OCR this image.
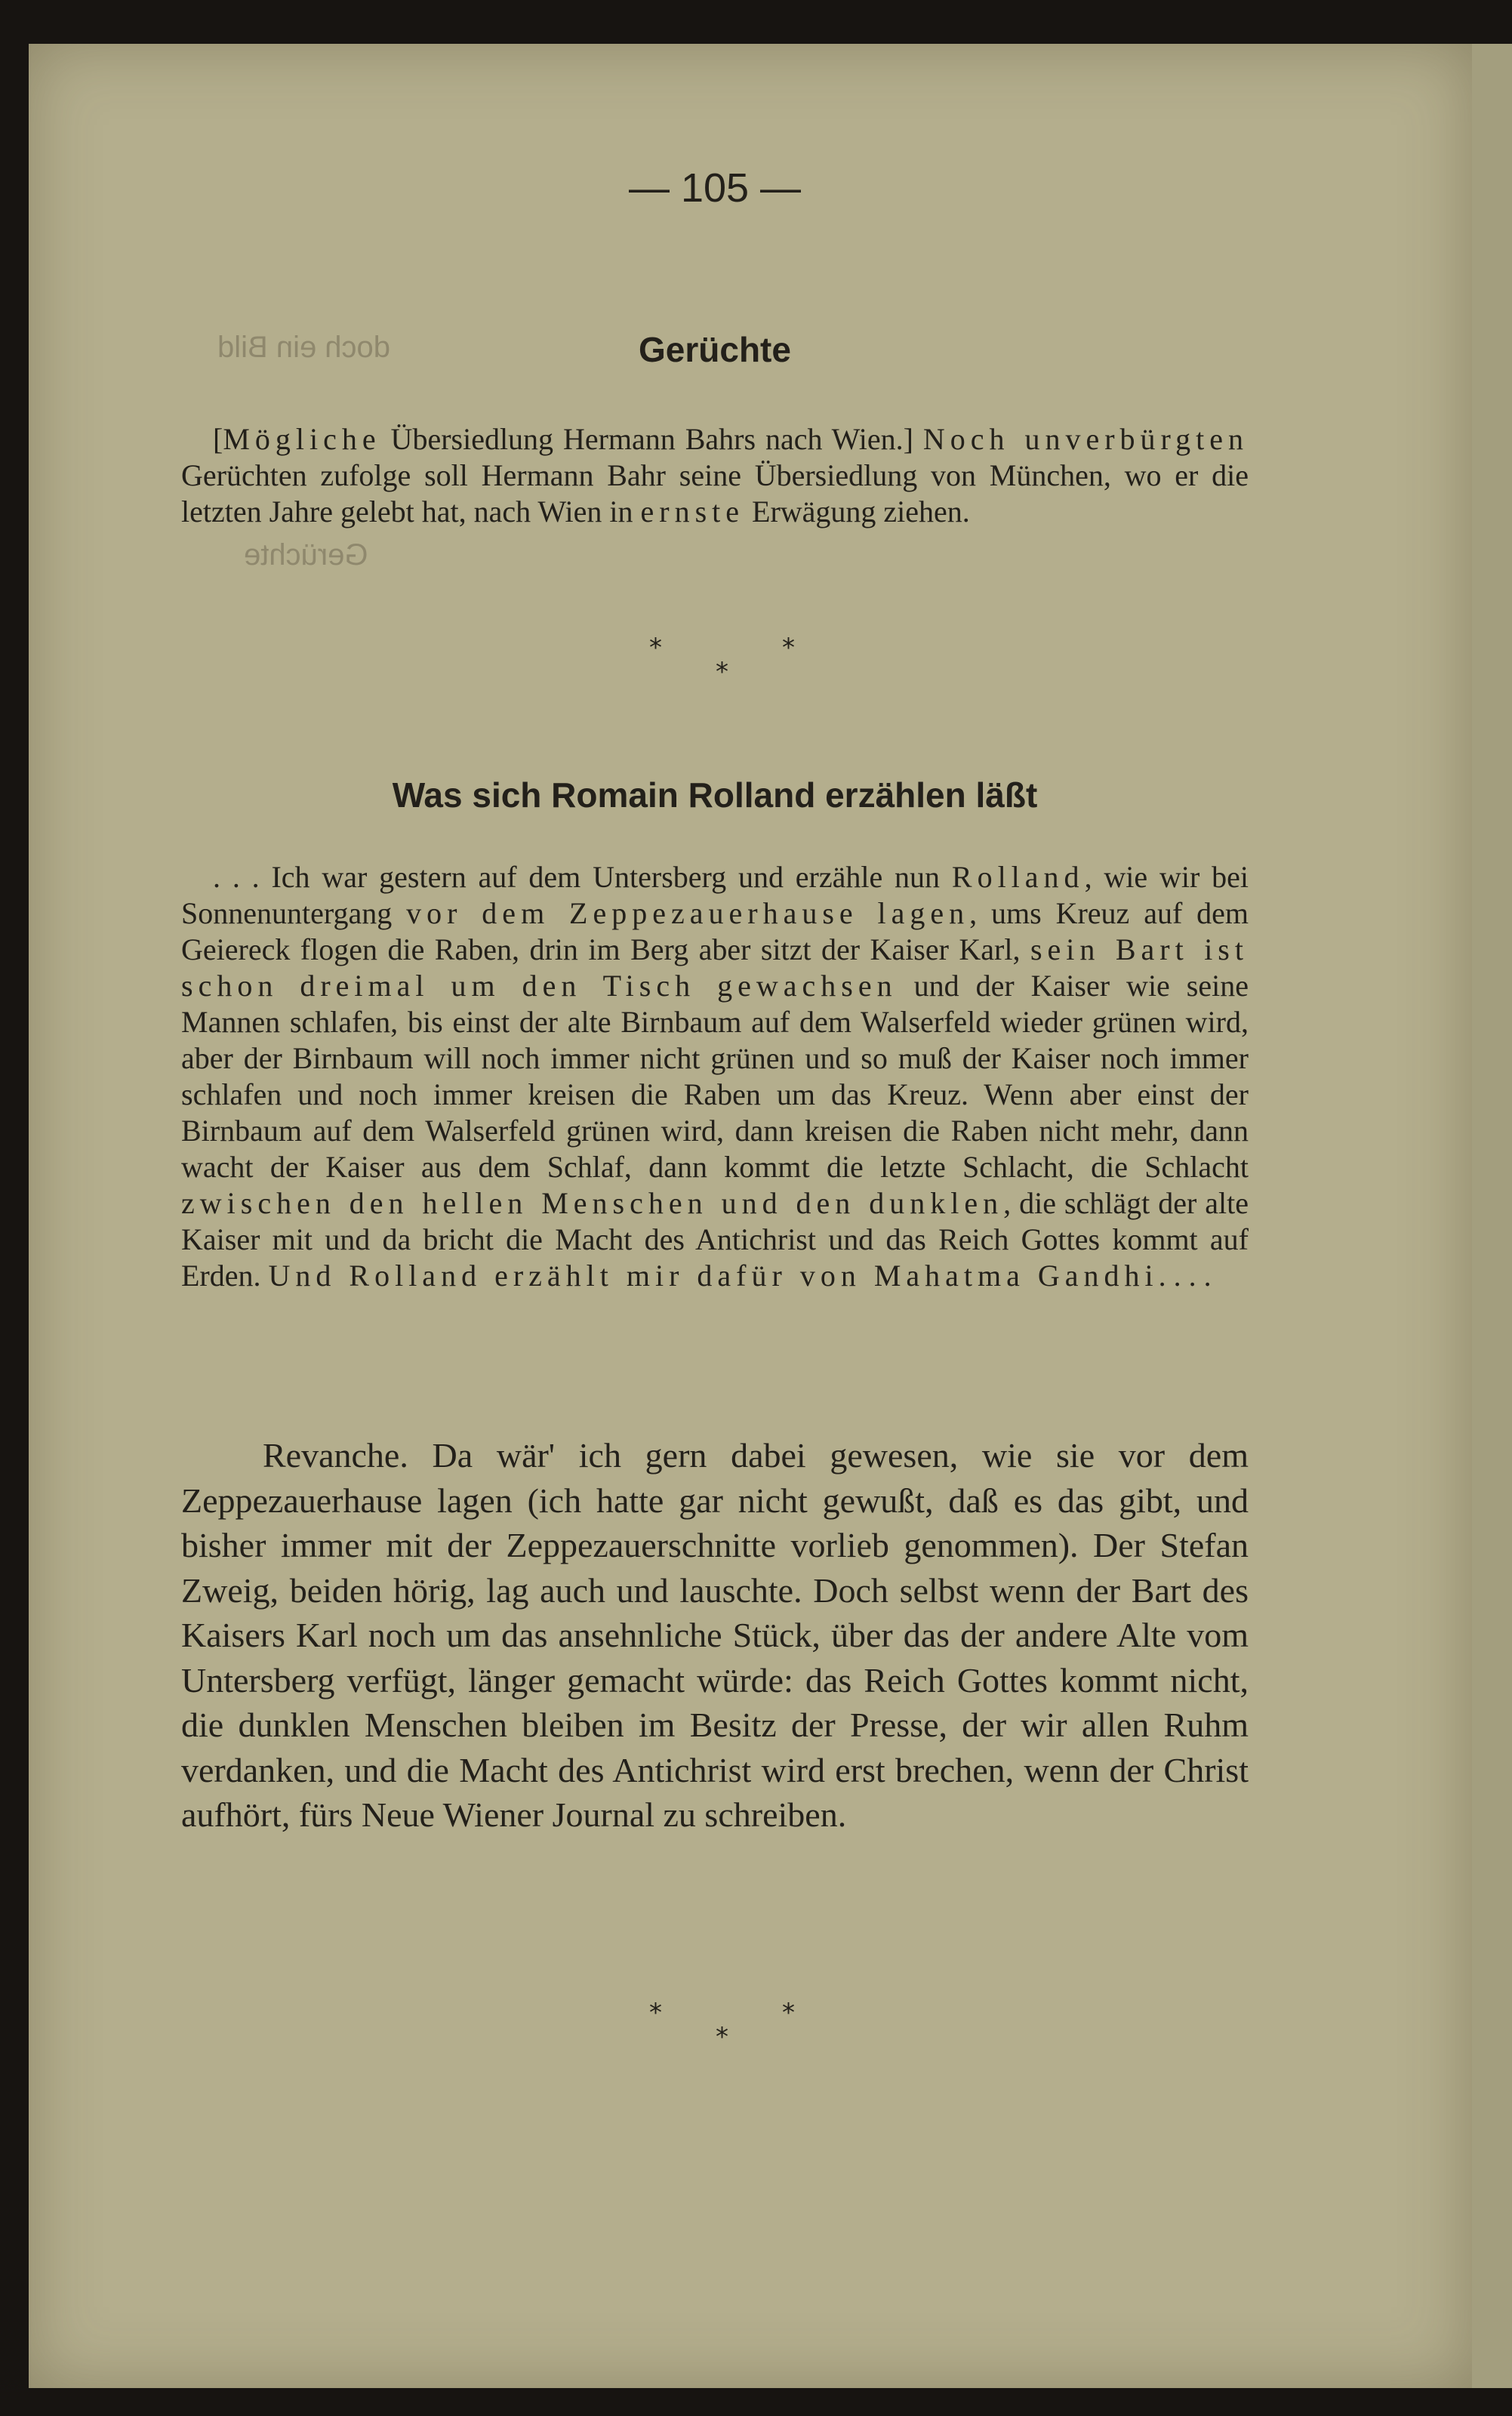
doch ein Bild
Gerüchte
— 105 —
Gerüchte

[Mögliche Übersiedlung Hermann Bahrs nach Wien.] Noch unverbürgten Gerüchten zufolge soll Hermann Bahr seine Übersiedlung von München, wo er die letzten Jahre gelebt hat, nach Wien in ernste Erwägung ziehen.

*	*
*
Was sich Romain Rolland erzählen läßt

. . . Ich war gestern auf dem Untersberg und erzähle nun Rolland, wie wir bei Sonnenuntergang vor dem Zeppezauerhause lagen, ums Kreuz auf dem Geiereck flogen die Raben, drin im Berg aber sitzt der Kaiser Karl, sein Bart ist schon dreimal um den Tisch gewachsen und der Kaiser wie seine Mannen schlafen, bis einst der alte Birnbaum auf dem Walserfeld wieder grünen wird, aber der Birnbaum will noch immer nicht grünen und so muß der Kaiser noch immer schlafen und noch immer kreisen die Raben um das Kreuz. Wenn aber einst der Birnbaum auf dem Walserfeld grünen wird, dann kreisen die Raben nicht mehr, dann wacht der Kaiser aus dem Schlaf, dann kommt die letzte Schlacht, die Schlacht zwischen den hellen Menschen und den dunklen, die schlägt der alte Kaiser mit und da bricht die Macht des Antichrist und das Reich Gottes kommt auf Erden. Und Rolland erzählt mir dafür von Mahatma Gandhi. . . .

Revanche. Da wär' ich gern dabei gewesen, wie sie vor dem Zeppezauerhause lagen (ich hatte gar nicht gewußt, daß es das gibt, und bisher immer mit der Zeppezauerschnitte vorlieb genommen). Der Stefan Zweig, beiden hörig, lag auch und lauschte. Doch selbst wenn der Bart des Kaisers Karl noch um das ansehnliche Stück, über das der andere Alte vom Untersberg verfügt, länger gemacht würde: das Reich Gottes kommt nicht, die dunklen Menschen bleiben im Besitz der Presse, der wir allen Ruhm verdanken, und die Macht des Antichrist wird erst brechen, wenn der Christ aufhört, fürs Neue Wiener Journal zu schreiben.

*	*
*
